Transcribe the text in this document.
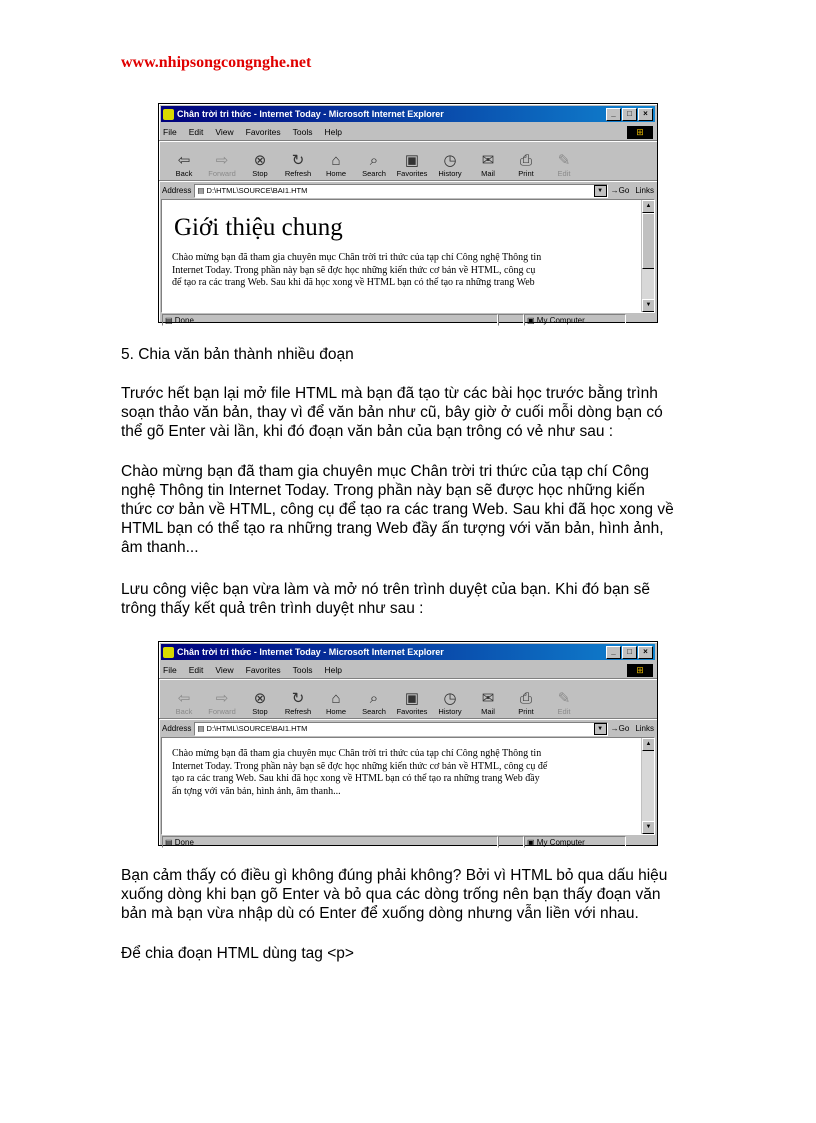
www.nhipsongcongnghe.net
Chân trời tri thức - Internet Today - Microsoft Internet Explorer	_	□	×
File Edit View Favorites Tools Help	⊞
⇦
Back
⇨
Forward
⊗
Stop
↻
Refresh
⌂
Home
⌕
Search
▣
Favorites
◷
History
✉
Mail
⎙
Print
✎
Edit
Address ▤ D:\HTML\SOURCE\BAI1.HTM	▼ →Go Links
Giới thiệu chung
Chào mừng bạn đã tham gia chuyên mục Chân trời tri thức của tạp chí Công nghệ Thông tin
Internet Today. Trong phần này bạn sẽ đợc học những kiến thức cơ bản về HTML, công cụ
để tạo ra các trang Web. Sau khi đã học xong về HTML bạn có thể tạo ra những trang Web
▲
▼
▤ Done	▣ My Computer

5. Chia văn bản thành nhiều đoạn

Trước hết bạn lại mở file HTML mà bạn đã tạo từ các bài học trước bằng trình
soạn thảo văn bản, thay vì để văn bản như cũ, bây giờ ở cuối mỗi dòng bạn có
thể gõ Enter vài lần, khi đó đoạn văn bản của bạn trông có vẻ như sau :

Chào mừng bạn đã tham gia chuyên mục Chân trời tri thức của tạp chí Công
nghệ Thông tin Internet Today. Trong phần này bạn sẽ được học những kiến
thức cơ bản về HTML, công cụ để tạo ra các trang Web. Sau khi đã học xong về
HTML bạn có thể tạo ra những trang Web đầy ấn tượng với văn bản, hình ảnh,
âm thanh...

Lưu công việc bạn vừa làm và mở nó trên trình duyệt của bạn. Khi đó bạn sẽ
trông thấy kết quả trên trình duyệt như sau :

Chân trời tri thức - Internet Today - Microsoft Internet Explorer	_	□	×
File Edit View Favorites Tools Help	⊞
⇦
Back
⇨
Forward
⊗
Stop
↻
Refresh
⌂
Home
⌕
Search
▣
Favorites
◷
History
✉
Mail
⎙
Print
✎
Edit
Address ▤ D:\HTML\SOURCE\BAI1.HTM	▼ →Go Links
Chào mừng bạn đã tham gia chuyên mục Chân trời tri thức của tạp chí Công nghệ Thông tin
Internet Today. Trong phần này bạn sẽ đợc học những kiến thức cơ bản về HTML, công cụ để
tạo ra các trang Web. Sau khi đã học xong về HTML bạn có thể tạo ra những trang Web đầy
ấn tợng với văn bản, hình ảnh, âm thanh...
▲
▼
▤ Done	▣ My Computer

Bạn cảm thấy có điều gì không đúng phải không? Bởi vì HTML bỏ qua dấu hiệu
xuống dòng khi bạn gõ Enter và bỏ qua các dòng trống nên bạn thấy đoạn văn
bản mà bạn vừa nhập dù có Enter để xuống dòng nhưng vẫn liền với nhau.

Để chia đoạn HTML dùng tag <p>
